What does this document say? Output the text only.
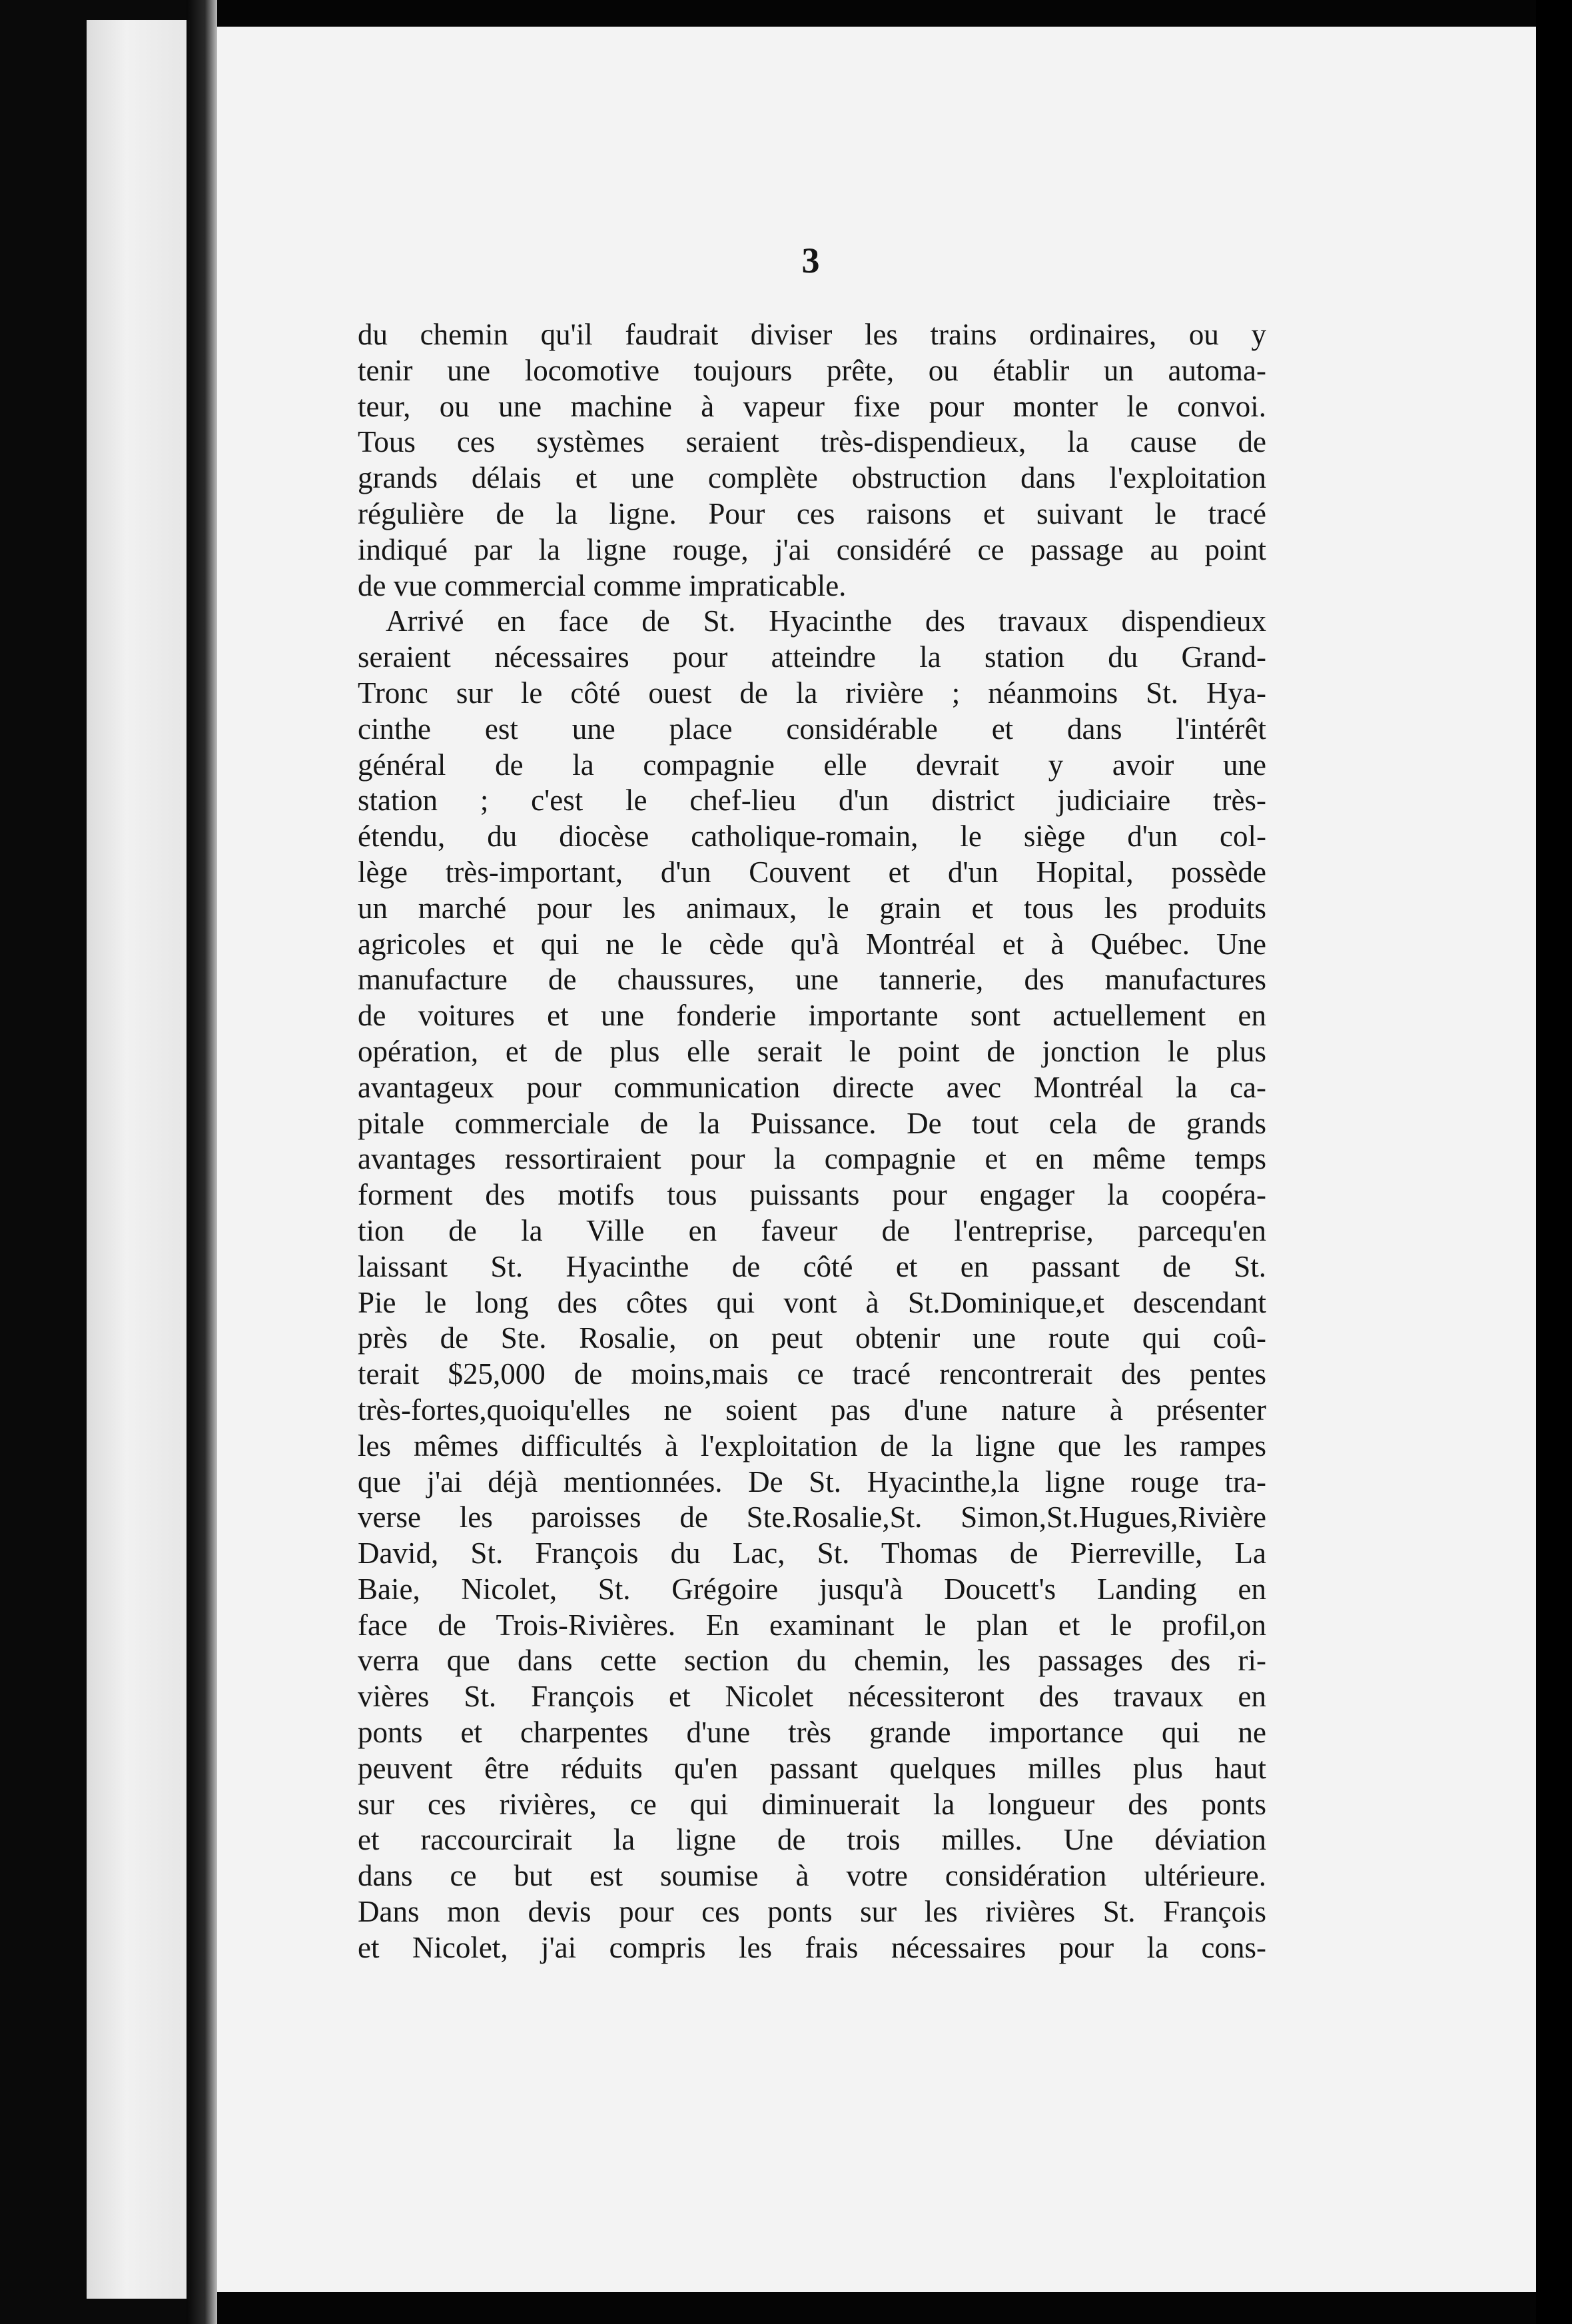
3
du chemin qu'il faudrait diviser les trains ordinaires, ou y
tenir une locomotive toujours prête, ou établir un automa-
teur, ou une machine à vapeur fixe pour monter le convoi.
Tous ces systèmes seraient très-dispendieux, la cause de
grands délais et une complète obstruction dans l'exploitation
régulière de la ligne. Pour ces raisons et suivant le tracé
indiqué par la ligne rouge, j'ai considéré ce passage au point
de vue commercial comme impraticable.
Arrivé en face de St. Hyacinthe des travaux dispendieux
seraient nécessaires pour atteindre la station du Grand-
Tronc sur le côté ouest de la rivière ; néanmoins St. Hya-
cinthe est une place considérable et dans l'intérêt
général de la compagnie elle devrait y avoir une
station ; c'est le chef-lieu d'un district judiciaire très-
étendu, du diocèse catholique-romain, le siège d'un col-
lège très-important, d'un Couvent et d'un Hopital, possède
un marché pour les animaux, le grain et tous les produits
agricoles et qui ne le cède qu'à Montréal et à Québec. Une
manufacture de chaussures, une tannerie, des manufactures
de voitures et une fonderie importante sont actuellement en
opération, et de plus elle serait le point de jonction le plus
avantageux pour communication directe avec Montréal la ca-
pitale commerciale de la Puissance. De tout cela de grands
avantages ressortiraient pour la compagnie et en même temps
forment des motifs tous puissants pour engager la coopéra-
tion de la Ville en faveur de l'entreprise, parcequ'en
laissant St. Hyacinthe de côté et en passant de St.
Pie le long des côtes qui vont à St.Dominique,et descendant
près de Ste. Rosalie, on peut obtenir une route qui coû-
terait $25,000 de moins,mais ce tracé rencontrerait des pentes
très-fortes,quoiqu'elles ne soient pas d'une nature à présenter
les mêmes difficultés à l'exploitation de la ligne que les rampes
que j'ai déjà mentionnées. De St. Hyacinthe,la ligne rouge tra-
verse les paroisses de Ste.Rosalie,St. Simon,St.Hugues,Rivière
David, St. François du Lac, St. Thomas de Pierreville, La
Baie, Nicolet, St. Grégoire jusqu'à Doucett's Landing en
face de Trois-Rivières. En examinant le plan et le profil,on
verra que dans cette section du chemin, les passages des ri-
vières St. François et Nicolet nécessiteront des travaux en
ponts et charpentes d'une très grande importance qui ne
peuvent être réduits qu'en passant quelques milles plus haut
sur ces rivières, ce qui diminuerait la longueur des ponts
et raccourcirait la ligne de trois milles. Une déviation
dans ce but est soumise à votre considération ultérieure.
Dans mon devis pour ces ponts sur les rivières St. François
et Nicolet, j'ai compris les frais nécessaires pour la cons-
